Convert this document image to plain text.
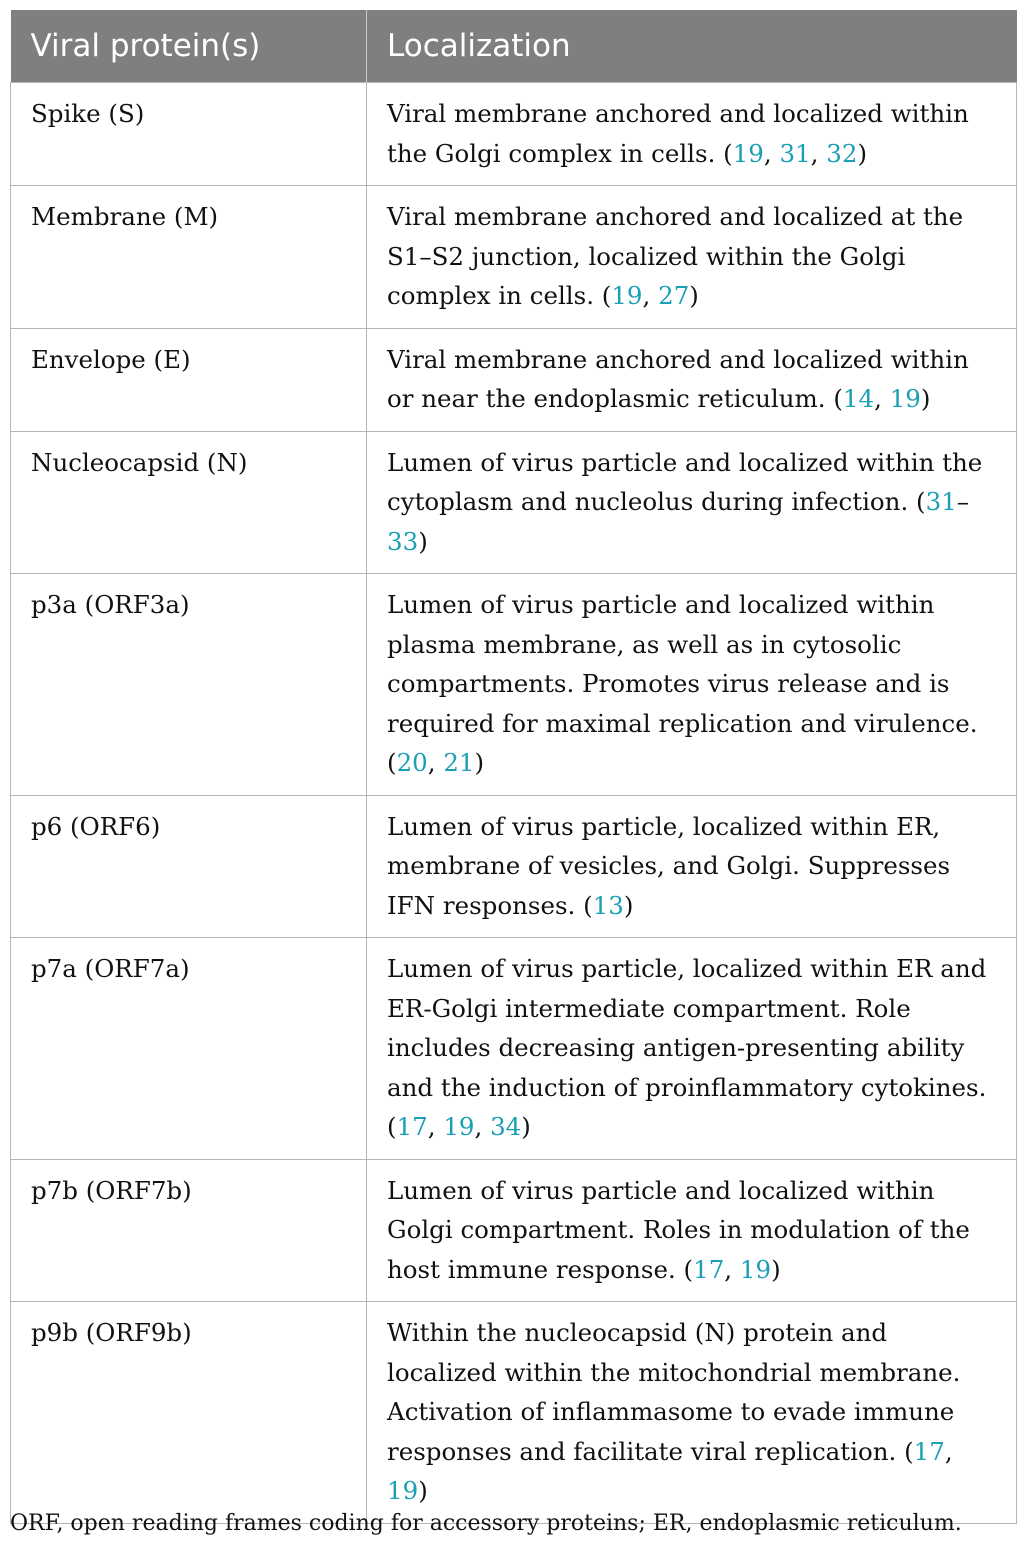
Viral protein(s)	Localization
Spike (S)	Viral membrane anchored and localized within the Golgi complex in cells. (19, 31, 32)
Membrane (M)	Viral membrane anchored and localized at the S1–S2 junction, localized within the Golgi complex in cells. (19, 27)
Envelope (E)	Viral membrane anchored and localized within or near the endoplasmic reticulum. (14, 19)
Nucleocapsid (N)	Lumen of virus particle and localized within the cytoplasm and nucleolus during infection. (31–33)
p3a (ORF3a)	Lumen of virus particle and localized within plasma membrane, as well as in cytosolic compartments. Promotes virus release and is required for maximal replication and virulence. (20, 21)
p6 (ORF6)	Lumen of virus particle, localized within ER, membrane of vesicles, and Golgi. Suppresses IFN responses. (13)
p7a (ORF7a)	Lumen of virus particle, localized within ER and ER-Golgi intermediate compartment. Role includes decreasing antigen-presenting ability and the induction of proinflammatory cytokines. (17, 19, 34)
p7b (ORF7b)	Lumen of virus particle and localized within Golgi compartment. Roles in modulation of the host immune response. (17, 19)
p9b (ORF9b)	Within the nucleocapsid (N) protein and localized within the mitochondrial membrane. Activation of inflammasome to evade immune responses and facilitate viral replication. (17, 19)
ORF, open reading frames coding for accessory proteins; ER, endoplasmic reticulum.
